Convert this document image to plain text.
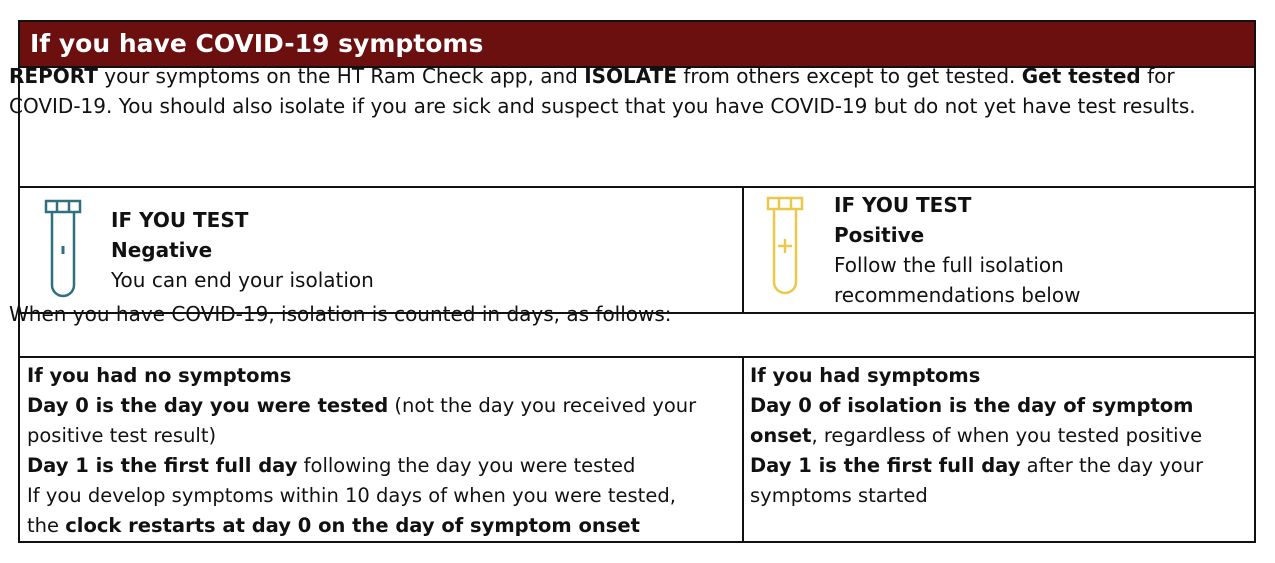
If you have COVID-19 symptoms
REPORT your symptoms on the HT Ram Check app, and ISOLATE from others except to get tested. Get tested for COVID-19. You should also isolate if you are sick and suspect that you have COVID-19 but do not yet have test results.
IF YOU TEST
Negative
You can end your isolation
IF YOU TEST
Positive
Follow the full isolation
recommendations below
When you have COVID-19, isolation is counted in days, as follows:
If you had no symptoms
Day 0 is the day you were tested (not the day you received your
positive test result)
Day 1 is the first full day following the day you were tested
If you develop symptoms within 10 days of when you were tested,
the clock restarts at day 0 on the day of symptom onset
If you had symptoms
Day 0 of isolation is the day of symptom
onset, regardless of when you tested positive
Day 1 is the first full day after the day your
symptoms started
